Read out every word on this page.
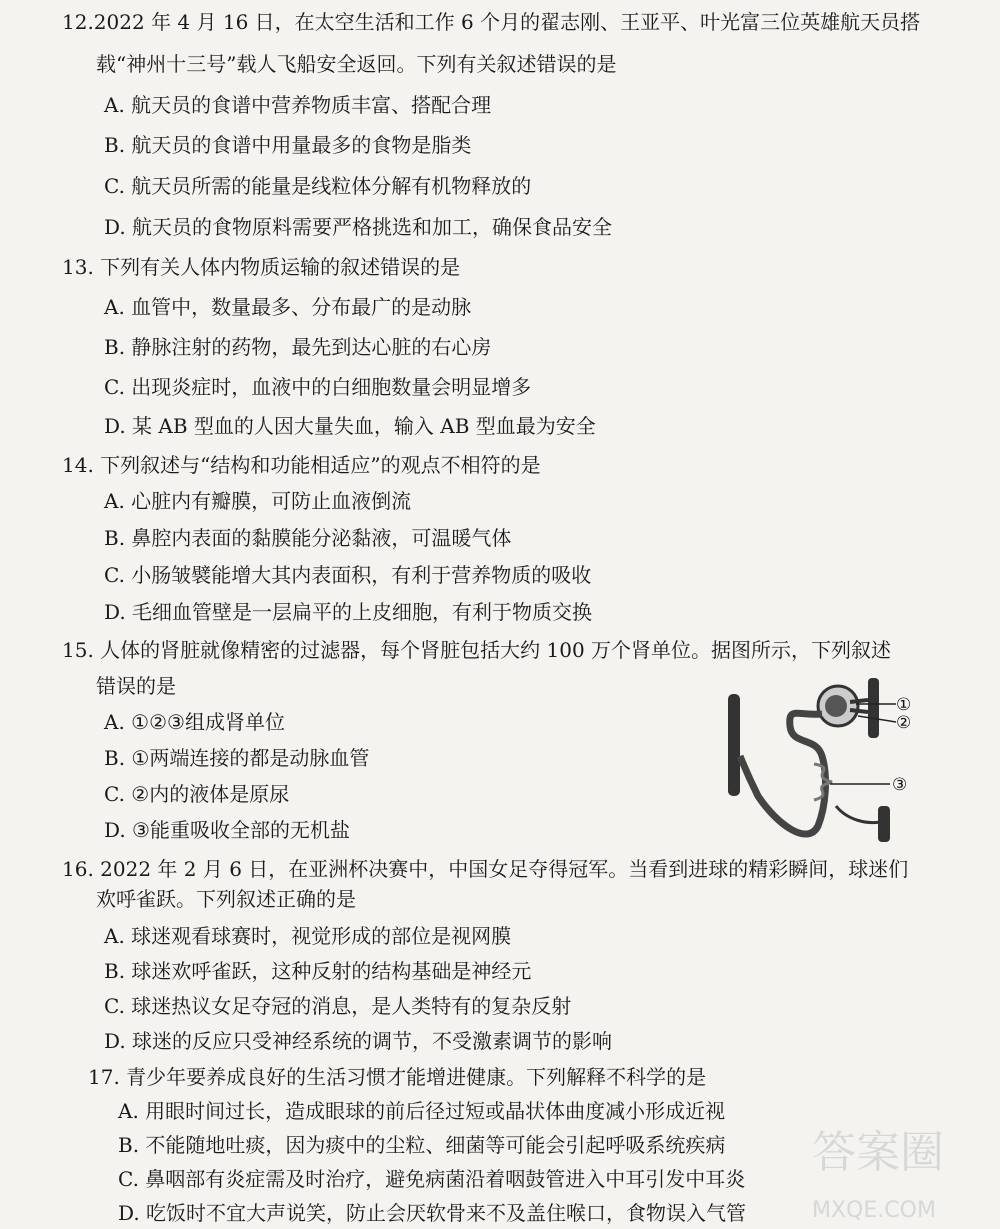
12.2022 年 4 月 16 日，在太空生活和工作 6 个月的翟志刚、王亚平、叶光富三位英雄航天员搭
载“神州十三号”载人飞船安全返回。下列有关叙述错误的是
A. 航天员的食谱中营养物质丰富、搭配合理
B. 航天员的食谱中用量最多的食物是脂类
C. 航天员所需的能量是线粒体分解有机物释放的
D. 航天员的食物原料需要严格挑选和加工，确保食品安全
13. 下列有关人体内物质运输的叙述错误的是
A. 血管中，数量最多、分布最广的是动脉
B. 静脉注射的药物，最先到达心脏的右心房
C. 出现炎症时，血液中的白细胞数量会明显增多
D. 某 AB 型血的人因大量失血，输入 AB 型血最为安全
14. 下列叙述与“结构和功能相适应”的观点不相符的是
A. 心脏内有瓣膜，可防止血液倒流
B. 鼻腔内表面的黏膜能分泌黏液，可温暖气体
C. 小肠皱襞能增大其内表面积，有利于营养物质的吸收
D. 毛细血管壁是一层扁平的上皮细胞，有利于物质交换
15. 人体的肾脏就像精密的过滤器，每个肾脏包括大约 100 万个肾单位。据图所示，下列叙述
错误的是
A. ①②③组成肾单位
B. ①两端连接的都是动脉血管
C. ②内的液体是原尿
D. ③能重吸收全部的无机盐
①
②
③
16. 2022 年 2 月 6 日，在亚洲杯决赛中，中国女足夺得冠军。当看到进球的精彩瞬间，球迷们
欢呼雀跃。下列叙述正确的是
A. 球迷观看球赛时，视觉形成的部位是视网膜
B. 球迷欢呼雀跃，这种反射的结构基础是神经元
C. 球迷热议女足夺冠的消息，是人类特有的复杂反射
D. 球迷的反应只受神经系统的调节，不受激素调节的影响
17. 青少年要养成良好的生活习惯才能增进健康。下列解释不科学的是
A. 用眼时间过长，造成眼球的前后径过短或晶状体曲度减小形成近视
B. 不能随地吐痰，因为痰中的尘粒、细菌等可能会引起呼吸系统疾病
C. 鼻咽部有炎症需及时治疗，避免病菌沿着咽鼓管进入中耳引发中耳炎
D. 吃饭时不宜大声说笑，防止会厌软骨来不及盖住喉口，食物误入气管
答案圈
MXQE.COM
